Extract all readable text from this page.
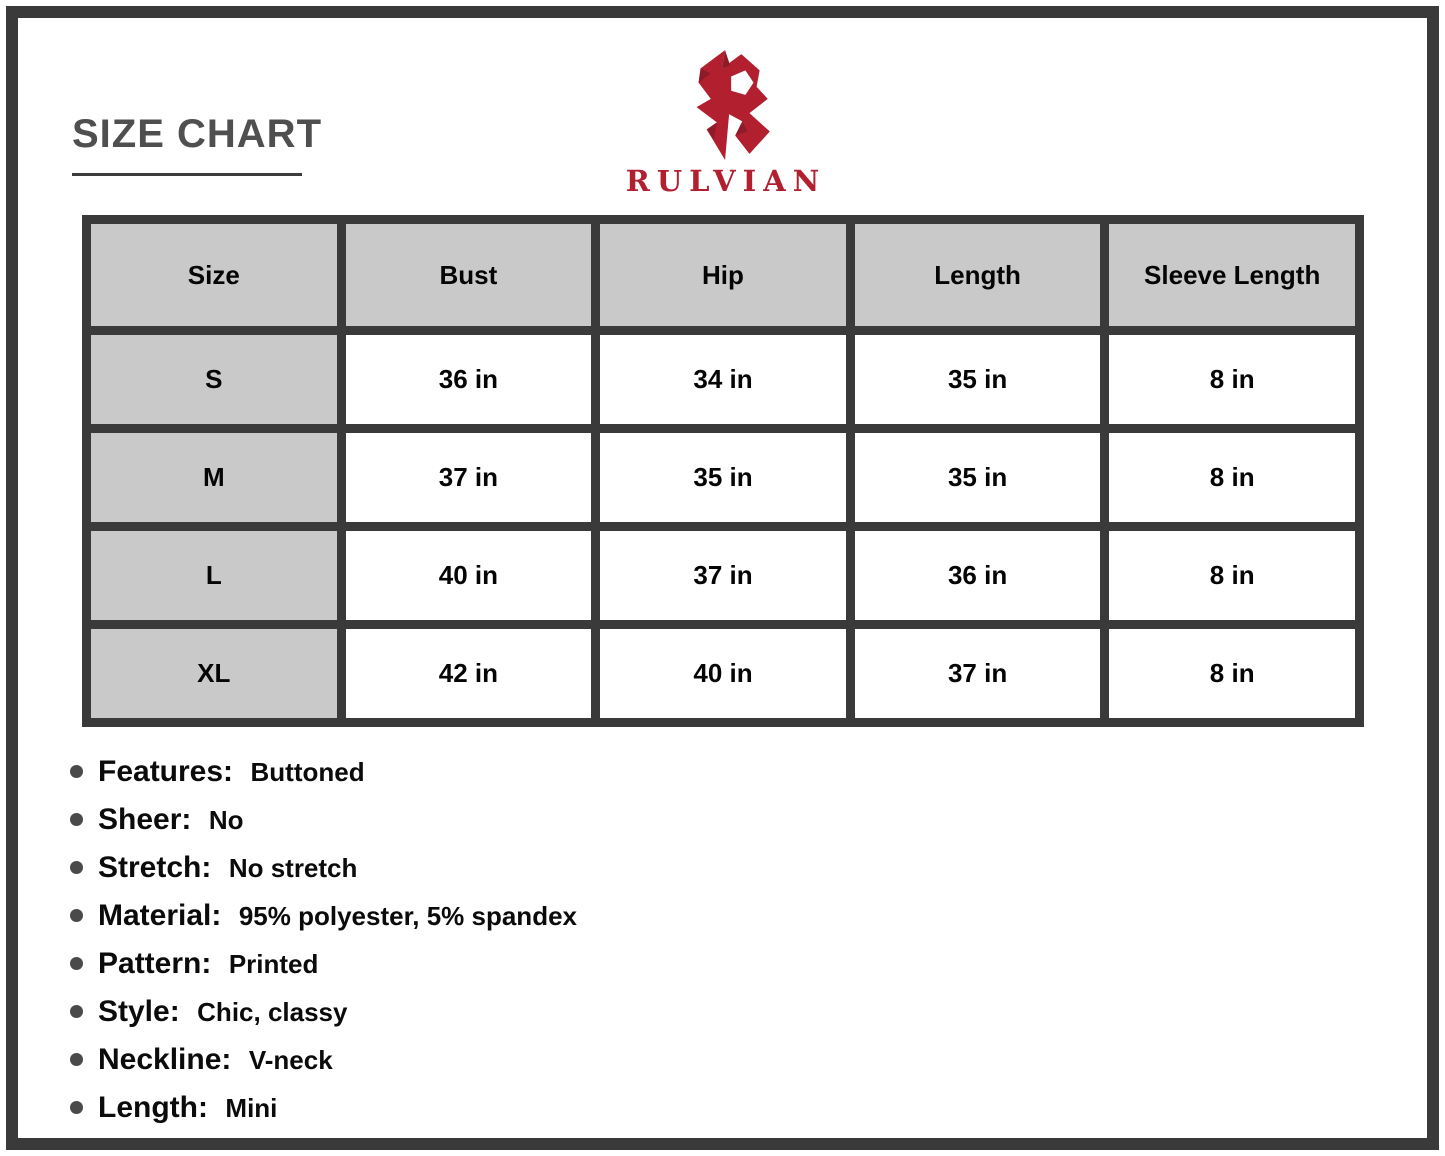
SIZE CHART
RULVIAN
Size	Bust	Hip	Length	Sleeve Length
S	36 in	34 in	35 in	8 in
M	37 in	35 in	35 in	8 in
L	40 in	37 in	36 in	8 in
XL	42 in	40 in	37 in	8 in
Features: Buttoned
Sheer: No
Stretch: No stretch
Material: 95% polyester, 5% spandex
Pattern: Printed
Style: Chic, classy
Neckline: V-neck
Length: Mini
